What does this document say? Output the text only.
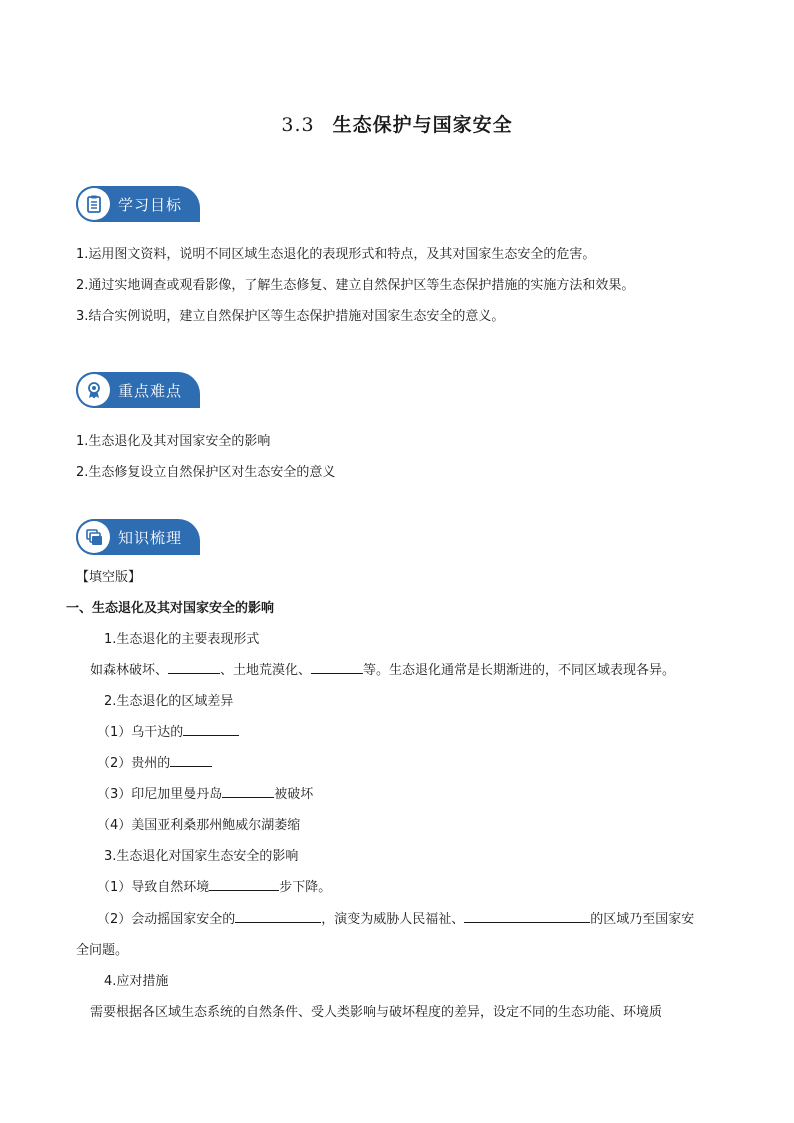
3.3 生态保护与国家安全
学习目标
1.运用图文资料，说明不同区域生态退化的表现形式和特点，及其对国家生态安全的危害。
2.通过实地调查或观看影像，了解生态修复、建立自然保护区等生态保护措施的实施方法和效果。
3.结合实例说明，建立自然保护区等生态保护措施对国家生态安全的意义。
重点难点
1.生态退化及其对国家安全的影响
2.生态修复设立自然保护区对生态安全的意义
知识梳理
【填空版】
一、生态退化及其对国家安全的影响
1.生态退化的主要表现形式
如森林破坏、	、土地荒漠化、	等。生态退化通常是长期渐进的，不同区域表现各异。
2.生态退化的区域差异
（1）乌干达的
（2）贵州的
（3）印尼加里曼丹岛	被破坏
（4）美国亚利桑那州鲍威尔湖萎缩
3.生态退化对国家生态安全的影响
（1）导致自然环境	步下降。
（2）会动摇国家安全的	，演变为威胁人民福祉、	的区域乃至国家安
全问题。
4.应对措施
需要根据各区域生态系统的自然条件、受人类影响与破坏程度的差异，设定不同的生态功能、环境质
